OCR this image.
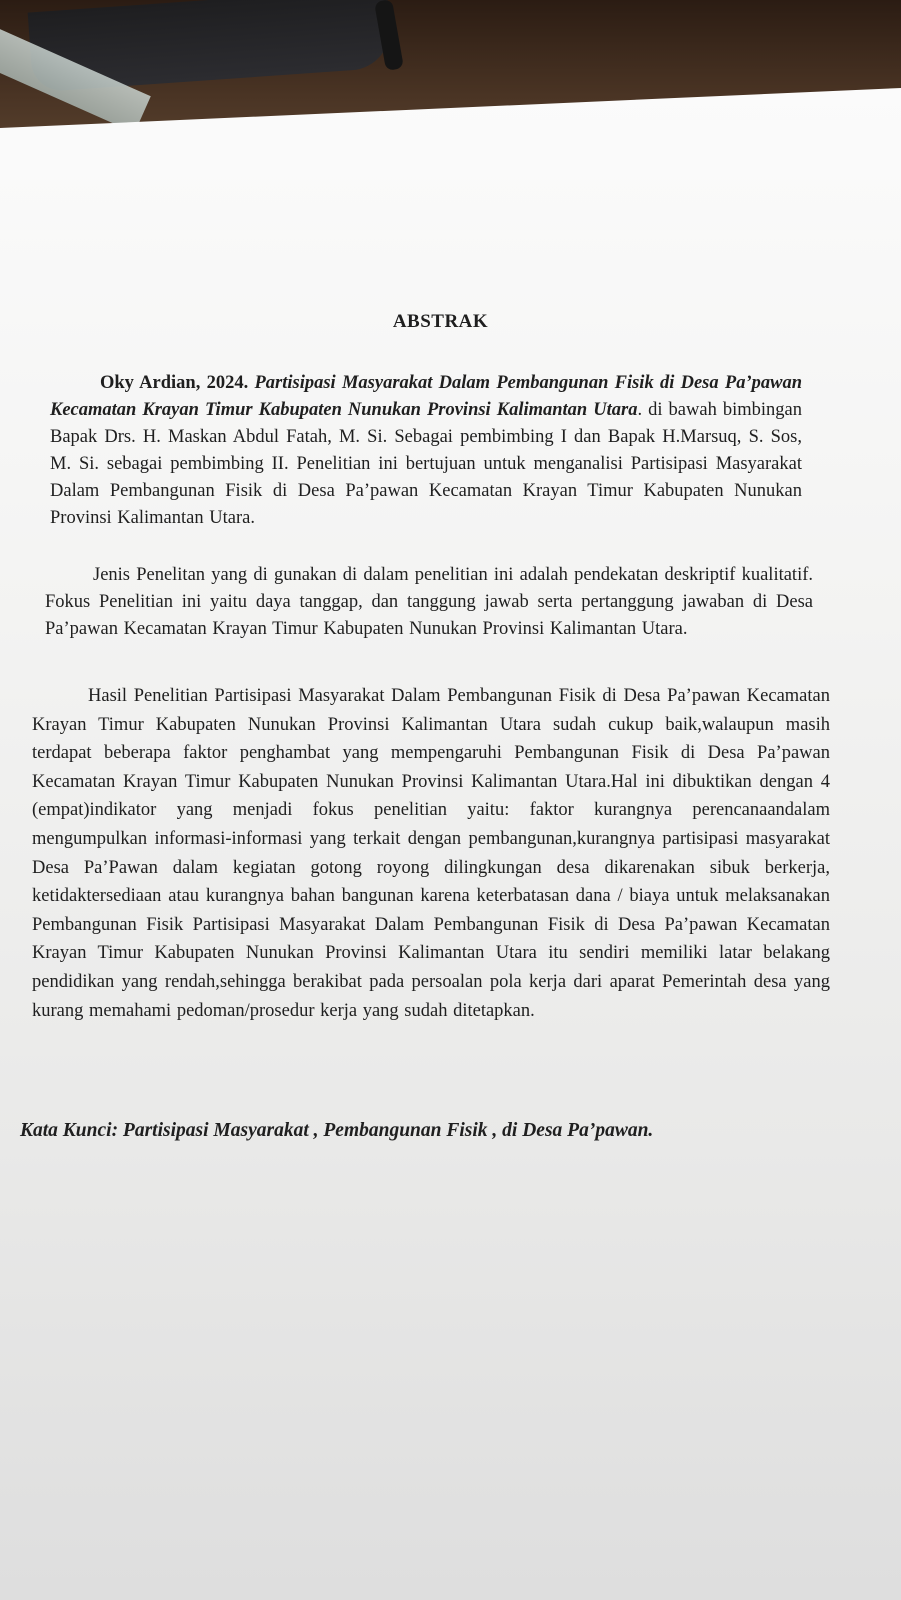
ABSTRAK
Oky Ardian, 2024. Partisipasi Masyarakat Dalam Pembangunan Fisik di Desa Pa’pawan Kecamatan Krayan Timur Kabupaten Nunukan Provinsi Kalimantan Utara. di bawah bimbingan Bapak Drs. H. Maskan Abdul Fatah, M. Si. Sebagai pembimbing I dan Bapak H.Marsuq, S. Sos, M. Si. sebagai pembimbing II. Penelitian ini bertujuan untuk menganalisi Partisipasi Masyarakat Dalam Pembangunan Fisik di Desa Pa’pawan Kecamatan Krayan Timur Kabupaten Nunukan Provinsi Kalimantan Utara.
Jenis Penelitan yang di gunakan di dalam penelitian ini adalah pendekatan deskriptif kualitatif. Fokus Penelitian ini yaitu daya tanggap, dan tanggung jawab serta pertanggung jawaban di Desa Pa’pawan Kecamatan Krayan Timur Kabupaten Nunukan Provinsi Kalimantan Utara.
Hasil Penelitian Partisipasi Masyarakat Dalam Pembangunan Fisik di Desa Pa’pawan Kecamatan Krayan Timur Kabupaten Nunukan Provinsi Kalimantan Utara sudah cukup baik,walaupun masih terdapat beberapa faktor penghambat yang mempengaruhi Pembangunan Fisik di Desa Pa’pawan Kecamatan Krayan Timur Kabupaten Nunukan Provinsi Kalimantan Utara.Hal ini dibuktikan dengan 4 (empat)indikator yang menjadi fokus penelitian yaitu: faktor kurangnya perencanaandalam mengumpulkan informasi-informasi yang terkait dengan pembangunan,kurangnya partisipasi masyarakat Desa Pa’Pawan dalam kegiatan gotong royong dilingkungan desa dikarenakan sibuk berkerja, ketidaktersediaan atau kurangnya bahan bangunan karena keterbatasan dana / biaya untuk melaksanakan Pembangunan Fisik Partisipasi Masyarakat Dalam Pembangunan Fisik di Desa Pa’pawan Kecamatan Krayan Timur Kabupaten Nunukan Provinsi Kalimantan Utara itu sendiri memiliki latar belakang pendidikan yang rendah,sehingga berakibat pada persoalan pola kerja dari aparat Pemerintah desa yang kurang memahami pedoman/prosedur kerja yang sudah ditetapkan.
Kata Kunci: Partisipasi Masyarakat , Pembangunan Fisik , di Desa Pa’pawan.
